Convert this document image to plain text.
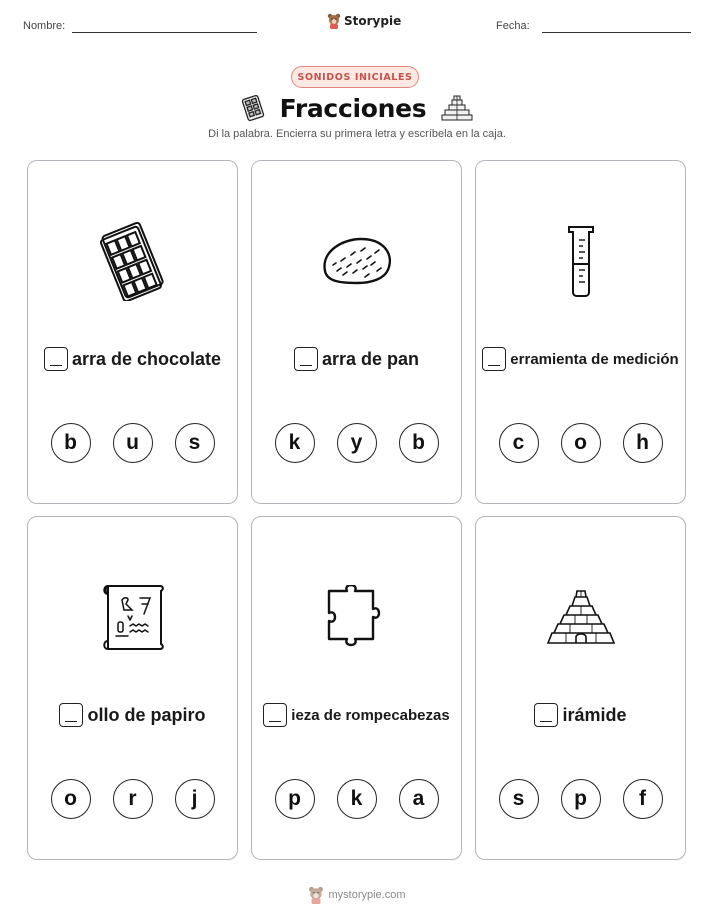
Nombre:	Storypie	Fecha:
SONIDOS INICIALES
Fracciones
Di la palabra. Encierra su primera letra y escríbela en la caja.
arra de chocolate
b	u	s
arra de pan
k	y	b
erramienta de medición
c	o	h
ollo de papiro
o	r	j
ieza de rompecabezas
p	k	a
irámide
s	p	f
mystorypie.com
